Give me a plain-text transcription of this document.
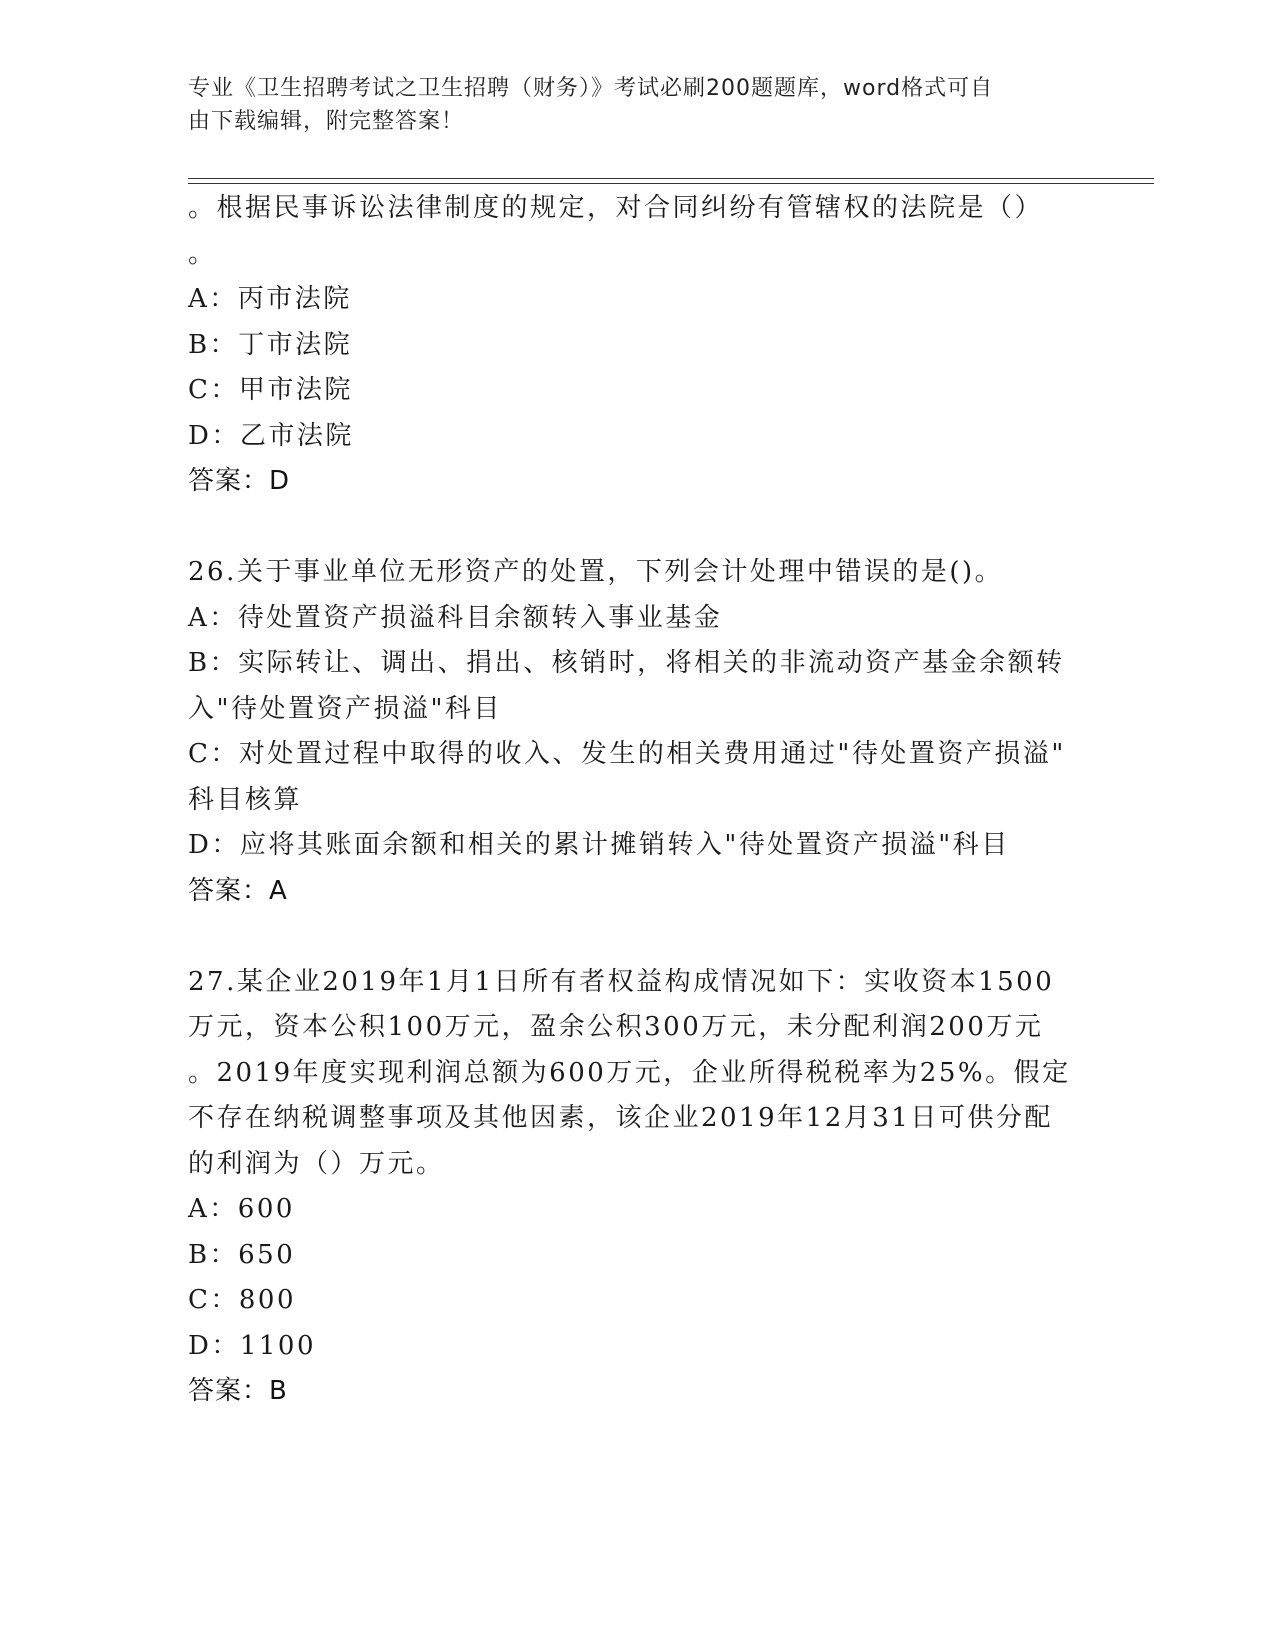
专业《卫生招聘考试之卫生招聘（财务）》考试必刷200题题库，word格式可自
由下载编辑，附完整答案！
。根据民事诉讼法律制度的规定，对合同纠纷有管辖权的法院是（）
。
A：丙市法院
B：丁市法院
C：甲市法院
D：乙市法院
答案：D
26.关于事业单位无形资产的处置，下列会计处理中错误的是()。
A：待处置资产损溢科目余额转入事业基金
B：实际转让、调出、捐出、核销时，将相关的非流动资产基金余额转
入"待处置资产损溢"科目
C：对处置过程中取得的收入、发生的相关费用通过"待处置资产损溢"
科目核算
D：应将其账面余额和相关的累计摊销转入"待处置资产损溢"科目
答案：A
27.某企业2019年1月1日所有者权益构成情况如下：实收资本1500
万元，资本公积100万元，盈余公积300万元，未分配利润200万元
。2019年度实现利润总额为600万元，企业所得税税率为25%。假定
不存在纳税调整事项及其他因素，该企业2019年12月31日可供分配
的利润为（）万元。
A：600
B：650
C：800
D：1100
答案：B
